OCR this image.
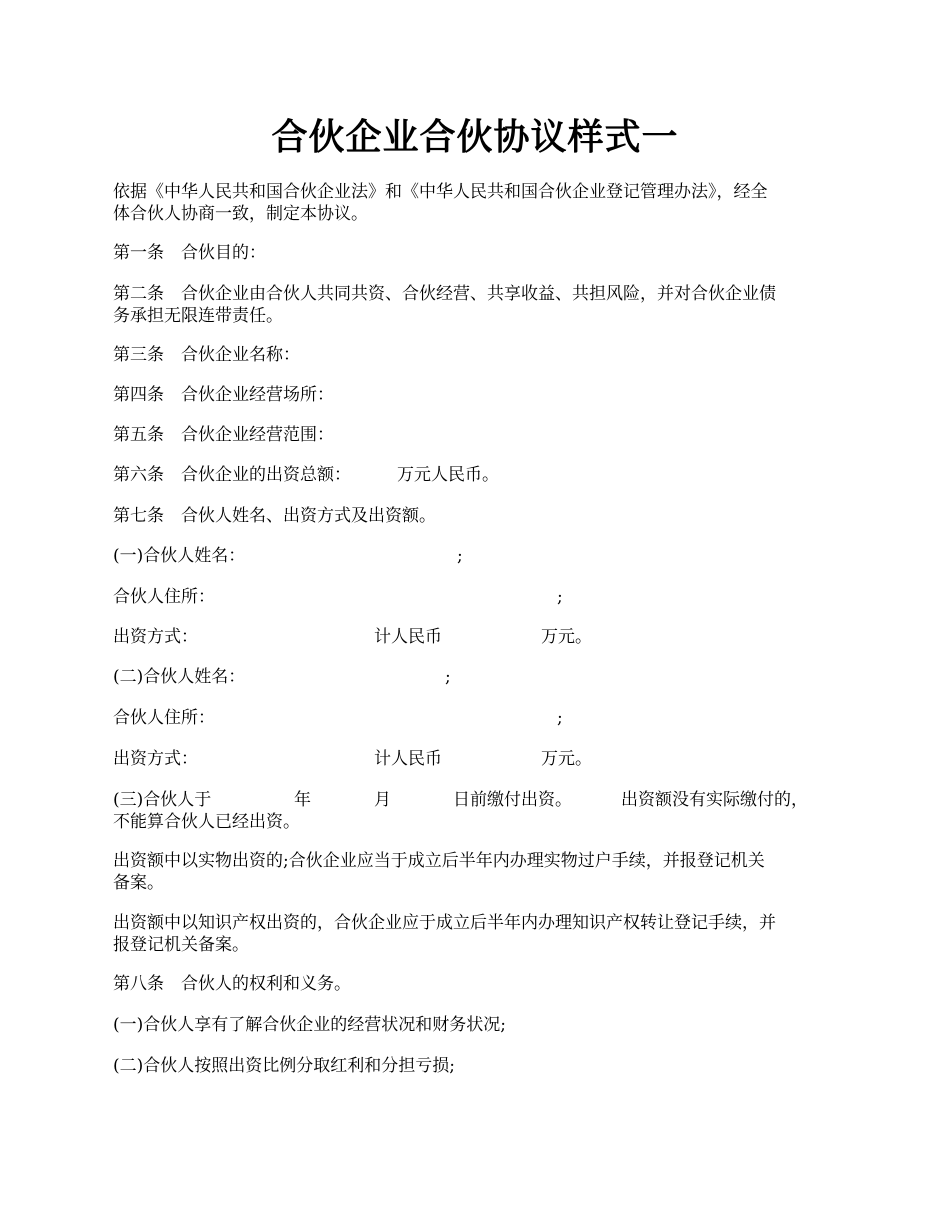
合伙企业合伙协议样式一
依据《中华人民共和国合伙企业法》和《中华人民共和国合伙企业登记管理办法》，经全
体合伙人协商一致，制定本协议。
第一条　合伙目的：
第二条　合伙企业由合伙人共同共资、合伙经营、共享收益、共担风险，并对合伙企业债
务承担无限连带责任。
第三条　合伙企业名称：
第四条　合伙企业经营场所：
第五条　合伙企业经营范围：
第六条　合伙企业的出资总额：	万元人民币。
第七条　合伙人姓名、出资方式及出资额。
(一)合伙人姓名：	;
合伙人住所：	;
出资方式：	计人民币	万元。
(二)合伙人姓名：	;
合伙人住所：	;
出资方式：	计人民币	万元。
(三)合伙人于	年	月	日前缴付出资。	出资额没有实际缴付的，
不能算合伙人已经出资。
出资额中以实物出资的;合伙企业应当于成立后半年内办理实物过户手续，并报登记机关
备案。
出资额中以知识产权出资的，合伙企业应于成立后半年内办理知识产权转让登记手续，并
报登记机关备案。
第八条　合伙人的权利和义务。
(一)合伙人享有了解合伙企业的经营状况和财务状况;
(二)合伙人按照出资比例分取红利和分担亏损;
